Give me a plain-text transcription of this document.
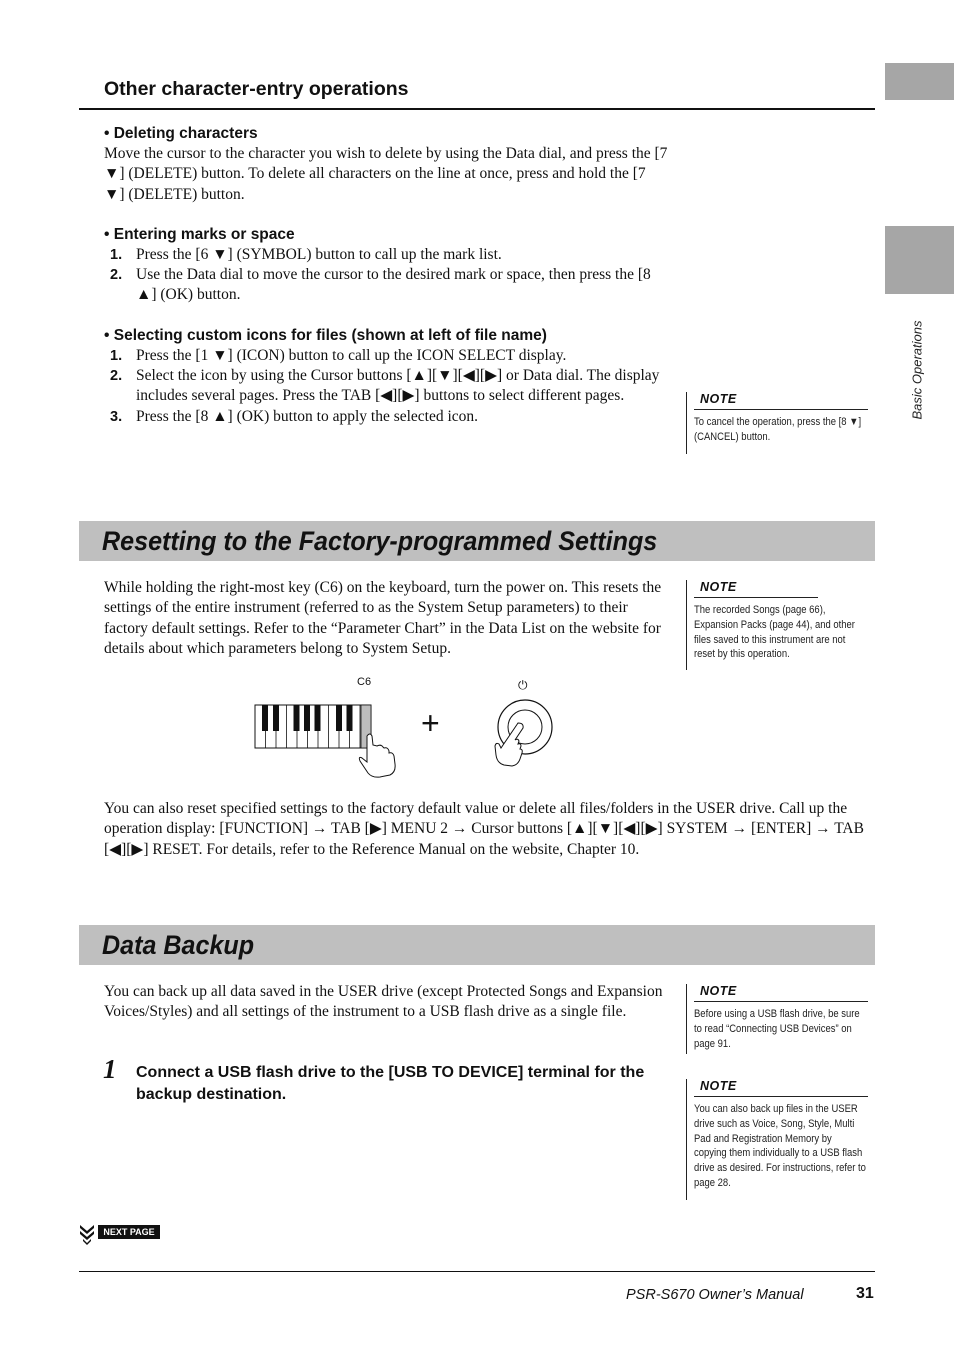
Basic Operations
Other character-entry operations
• Deleting characters
Move the cursor to the character you wish to delete by using the Data dial, and press the [7 ▼] (DELETE) button. To delete all characters on the line at once, press and hold the [7 ▼] (DELETE) button.
• Entering marks or space
1. Press the [6 ▼] (SYMBOL) button to call up the mark list.
2. Use the Data dial to move the cursor to the desired mark or space, then press the [8 ▲] (OK) button.
• Selecting custom icons for files (shown at left of file name)
1. Press the [1 ▼] (ICON) button to call up the ICON SELECT display.
2. Select the icon by using the Cursor buttons [▲][▼][◀][▶] or Data dial. The display includes several pages. Press the TAB [◀][▶] buttons to select different pages.
3. Press the [8 ▲] (OK) button to apply the selected icon.
NOTE
To cancel the operation, press the [8 ▼] (CANCEL) button.
Resetting to the Factory-programmed Settings
While holding the right-most key (C6) on the keyboard, turn the power on. This resets the settings of the entire instrument (referred to as the System Setup parameters) to their factory default settings. Refer to the “Parameter Chart” in the Data List on the website for details about which parameters belong to System Setup.
NOTE
The recorded Songs (page 66), Expansion Packs (page 44), and other files saved to this instrument are not reset by this operation.
C6
+
⏻
You can also reset specified settings to the factory default value or delete all files/folders in the USER drive. Call up the operation display: [FUNCTION] → TAB [▶] MENU 2 → Cursor buttons [▲][▼][◀][▶] SYSTEM → [ENTER] → TAB [◀][▶] RESET. For details, refer to the Reference Manual on the website, Chapter 10.
Data Backup
You can back up all data saved in the USER drive (except Protected Songs and Expansion Voices/Styles) and all settings of the instrument to a USB flash drive as a single file.
1 Connect a USB flash drive to the [USB TO DEVICE] terminal for the backup destination.
NOTE
Before using a USB flash drive, be sure to read “Connecting USB Devices” on page 91.
NOTE
You can also back up files in the USER drive such as Voice, Song, Style, Multi Pad and Registration Memory by copying them individually to a USB flash drive as desired. For instructions, refer to page 28.
NEXT PAGE
PSR-S670 Owner’s Manual	31
